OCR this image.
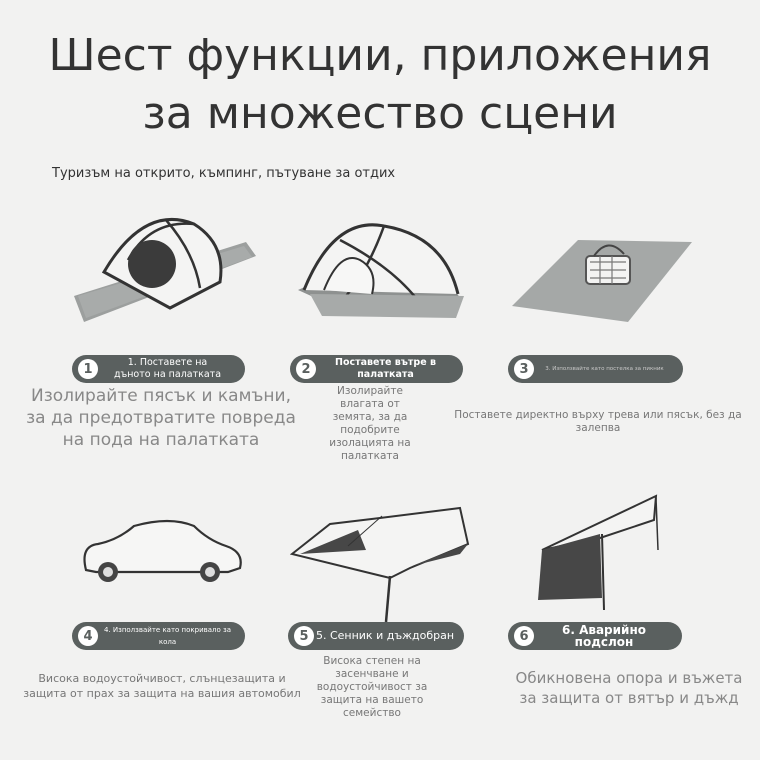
Шест функции, приложения
за множество сцени
Туризъм на открито, къмпинг, пътуване за отдих
1	1. Поставете на дъното на палатката	2	Поставете вътре в палатката	3	3. Използвайте като постелка за пикник
Изолирайте пясък и камъни, за да предотвратите повреда на пода на палатката
Изолирайте влагата от земята, за да подобрите изолацията на палатката
Поставете директно върху трева или пясък, без да залепва
4	4. Използвайте като покривало за кола	5 5. Сенник и дъждобран	6	6. Аварийно подслон
Висока водоустойчивост, слънцезащита и защита от прах за защита на вашия автомобил
Висока степен на засенчване и водоустойчивост за защита на вашето семейство
Обикновена опора и въжета за защита от вятър и дъжд
